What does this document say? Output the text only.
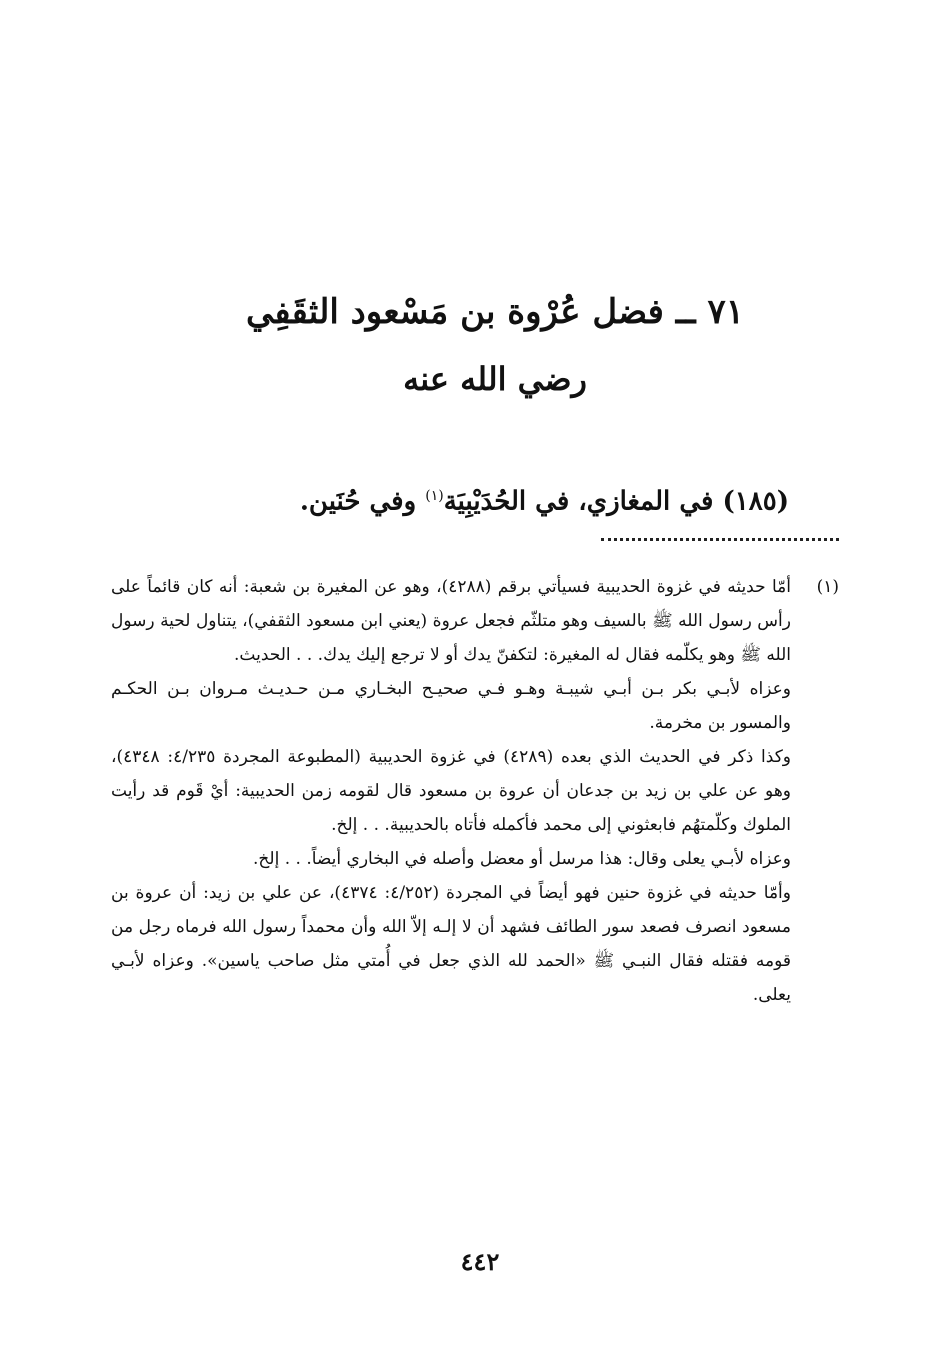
٧١ ــ فضل عُرْوة بن مَسْعود الثقَفِي
رضي الله عنه
(١٨٥) في المغازي، في الحُدَيْبِيَة$^{(١)}$ وفي حُنَين.
(١)
أمّا حديثه في غزوة الحديبية فسيأتي برقم (٤٢٨٨)، وهو عن المغيرة بن شعبة: أنه كان قائماً على رأس رسول الله ﷺ بالسيف وهو متلثّم فجعل عروة (يعني ابن مسعود الثقفي)، يتناول لحية رسول الله ﷺ وهو يكلّمه فقال له المغيرة: لتكفنّ يدك أو لا ترجع إليك يدك. . . الحديث.
وعزاه لأبـي بكر بـن أبـي شيبـة وهـو فـي صحيـح البخـاري مـن حـديـث مـروان بـن الحكـم والمسور بن مخرمة.
وكذا ذكر في الحديث الذي بعده (٤٢٨٩) في غزوة الحديبية (المطبوعة المجردة ٤/٢٣٥: ٤٣٤٨)، وهو عن علي بن زيد بن جدعان أن عروة بن مسعود قال لقومه زمن الحديبية: أيْ قَوم قد رأيت الملوك وكلّمتهُم فابعثوني إلى محمد فأكمله فأتاه بالحديبية. . . إلخ.
وعزاه لأبـي يعلى وقال: هذا مرسل أو معضل وأصله في البخاري أيضاً. . . إلخ.
وأمّا حديثه في غزوة حنين فهو أيضاً في المجردة (٤/٢٥٢: ٤٣٧٤)، عن علي بن زيد: أن عروة بن مسعود انصرف فصعد سور الطائف فشهد أن لا إلـه إلاّ الله وأن محمداً رسول الله فرماه رجل من قومه فقتله فقال النبـي ﷺ «الحمد لله الذي جعل في أُمتي مثل صاحب ياسين». وعزاه لأبـي يعلى.
٤٤٢
